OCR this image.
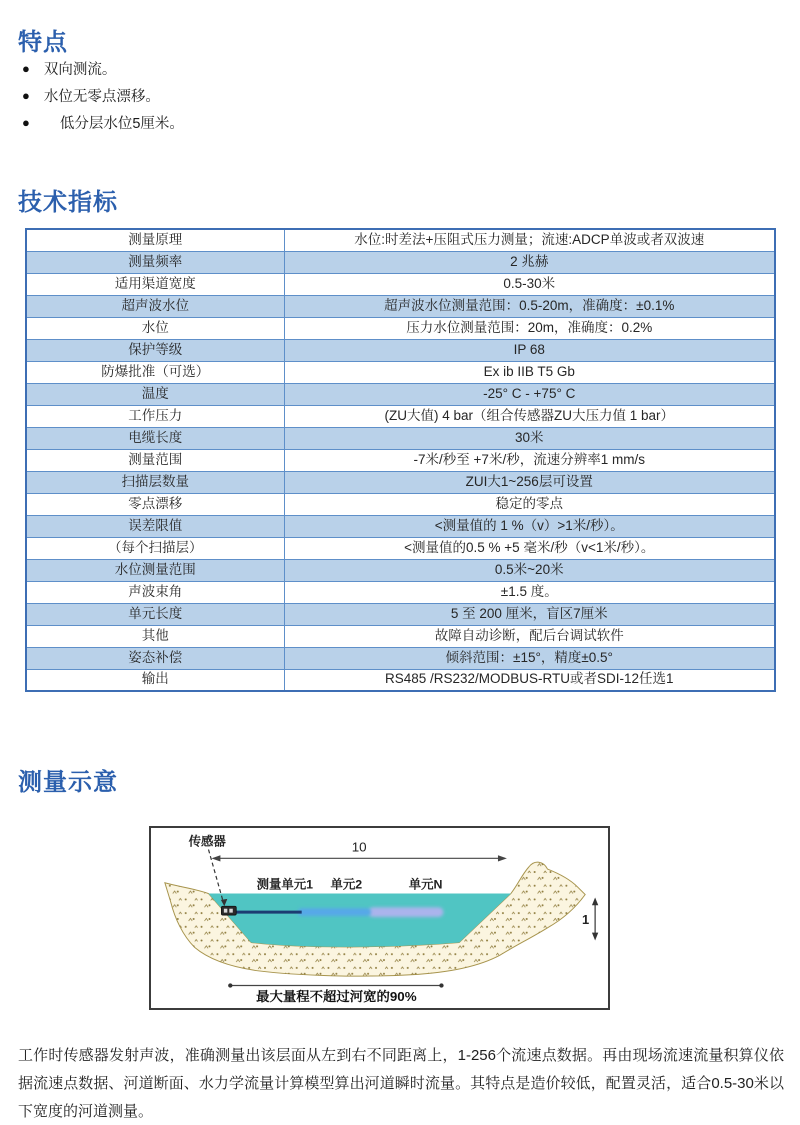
特点
● 双向测流。
● 水位无零点漂移。
●	低分层水位5厘米。
技术指标
测量原理	水位:时差法+压阻式压力测量；流速:ADCP单波或者双波速
测量频率	2 兆赫
适用渠道宽度	0.5-30米
超声波水位	超声波水位测量范围：0.5-20m，准确度：±0.1%
水位	压力水位测量范围：20m，准确度：0.2%
保护等级	IP 68
防爆批准（可选）	Ex ib IIB T5 Gb
温度	-25° C - +75° C
工作压力	(ZU大值) 4 bar（组合传感器ZU大压力值 1 bar）
电缆长度	30米
测量范围	-7米/秒至 +7米/秒，流速分辨率1 mm/s
扫描层数量	ZUI大1~256层可设置
零点漂移	稳定的零点
误差限值	<测量值的 1 %（v）>1米/秒）。
（每个扫描层）	<测量值的0.5 % +5 毫米/秒（v<1米/秒）。
水位测量范围	0.5米~20米
声波束角	±1.5 度。
单元长度	5 至 200 厘米，盲区7厘米
其他	故障自动诊断，配后台调试软件
姿态补偿	倾斜范围：±15°，精度±0.5°
输出	RS485 /RS232/MODBUS-RTU或者SDI-12任选1
测量示意
传感器	10
测量单元1 单元2	单元N
1
最大量程不超过河宽的90%

工作时传感器发射声波，准确测量出该层面从左到右不同距离上，1-256个流速点数据。再由现场流速流量积算仪依据流速点数据、河道断面、水力学流量计算模型算出河道瞬时流量。其特点是造价较低，配置灵活，适合0.5-30米以下宽度的河道测量。
